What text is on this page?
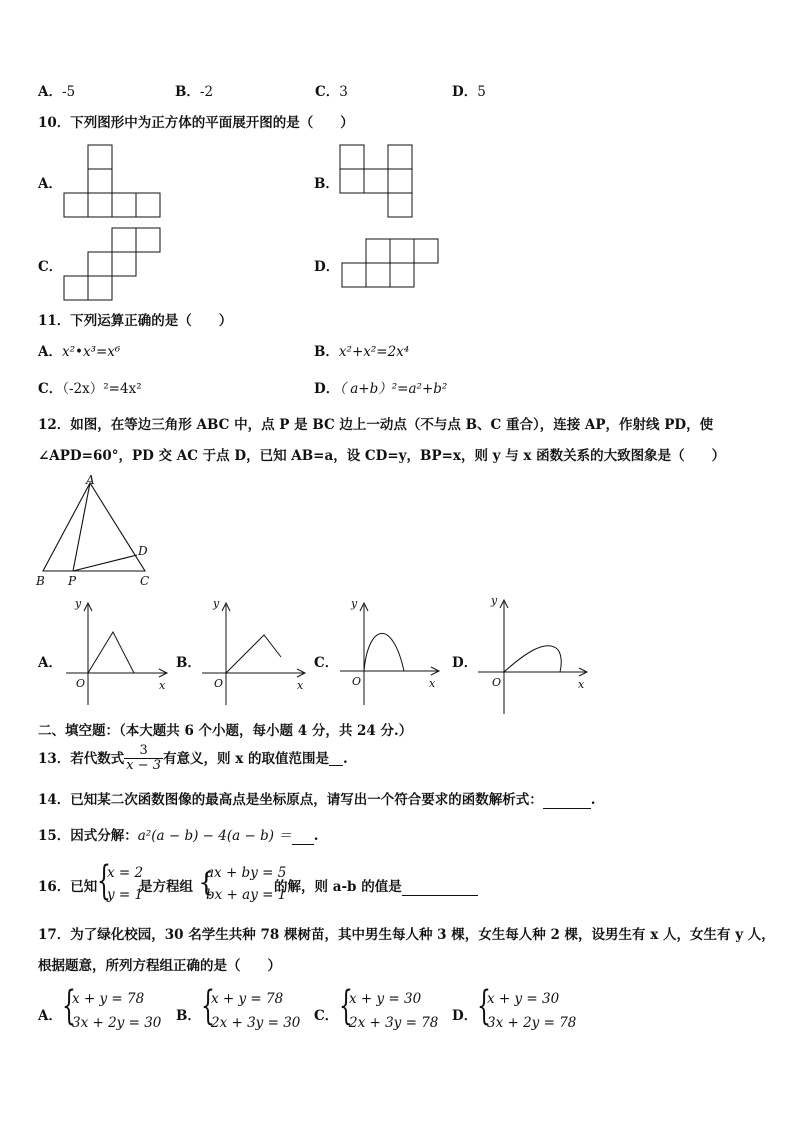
A．-5	B．-2	C．3	D．5
10．下列图形中为正方体的平面展开图的是（　　）
A．	B．
C．	D．
11．下列运算正确的是（　　）
A．x²•x³=x⁶	B．x²+x²=2x⁴
C．（-2x）²=4x²	D．（ a+b）²=a²+b²
12．如图，在等边三角形 ABC 中，点 P 是 BC 边上一动点（不与点 B、C 重合），连接 AP，作射线 PD，使
∠APD=60°，PD 交 AC 于点 D，已知 AB=a，设 CD=y，BP=x，则 y 与 x 函数关系的大致图象是（　　）
A
B	C
D
P
A．
y
x
O
B．
y
x
O
C．
y
x
O
D．
y
x
O
二、填空题：（本大题共 6 个小题，每小题 4 分，共 24 分.）
13．若代数式 $\frac{3}{x - 3}$ 有意义，则 x 的取值范围是 .
14．已知某二次函数图像的最高点是坐标原点，请写出一个符合要求的函数解析式：	.
15．因式分解：a²(a − b) − 4(a − b) ＝ .
16．已知 {
x = 2
y = 1
是方程组 {
ax + by = 5
bx + ay = 1
的解，则 a-b 的值是
17．为了绿化校园，30 名学生共种 78 棵树苗，其中男生每人种 3 棵，女生每人种 2 棵，设男生有 x 人，女生有 y 人，
根据题意，所列方程组正确的是（　　）
A． {
x + y = 78
3x + 2y = 30 B． {
x + y = 78
2x + 3y = 30 C． {
x + y = 30
2x + 3y = 78 D． {
x + y = 30
3x + 2y = 78
